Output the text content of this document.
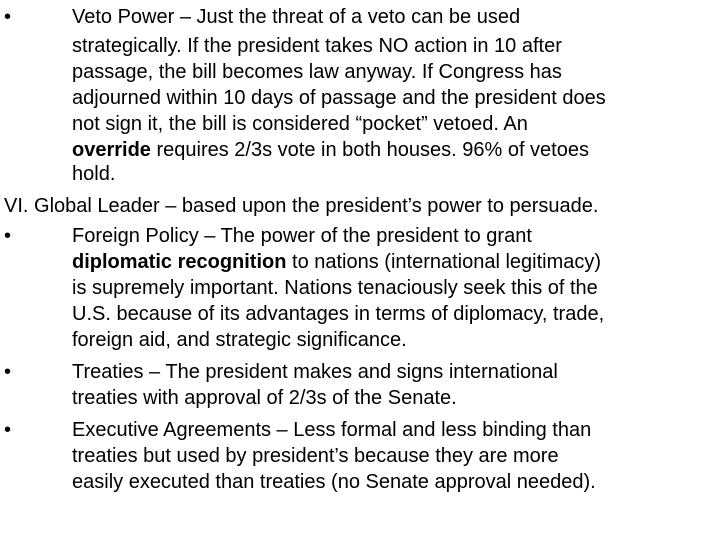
•	Veto Power – Just the threat of a veto can be used
strategically. If the president takes NO action in 10 after
passage, the bill becomes law anyway. If Congress has
adjourned within 10 days of passage and the president does
not sign it, the bill is considered “pocket” vetoed. An
override requires 2/3s vote in both houses. 96% of vetoes
hold.
VI. Global Leader – based upon the president’s power to persuade.
•	Foreign Policy – The power of the president to grant
diplomatic recognition to nations (international legitimacy)
is supremely important. Nations tenaciously seek this of the
U.S. because of its advantages in terms of diplomacy, trade,
foreign aid, and strategic significance.
•	Treaties – The president makes and signs international
treaties with approval of 2/3s of the Senate.
•	Executive Agreements – Less formal and less binding than
treaties but used by president’s because they are more
easily executed than treaties (no Senate approval needed).
